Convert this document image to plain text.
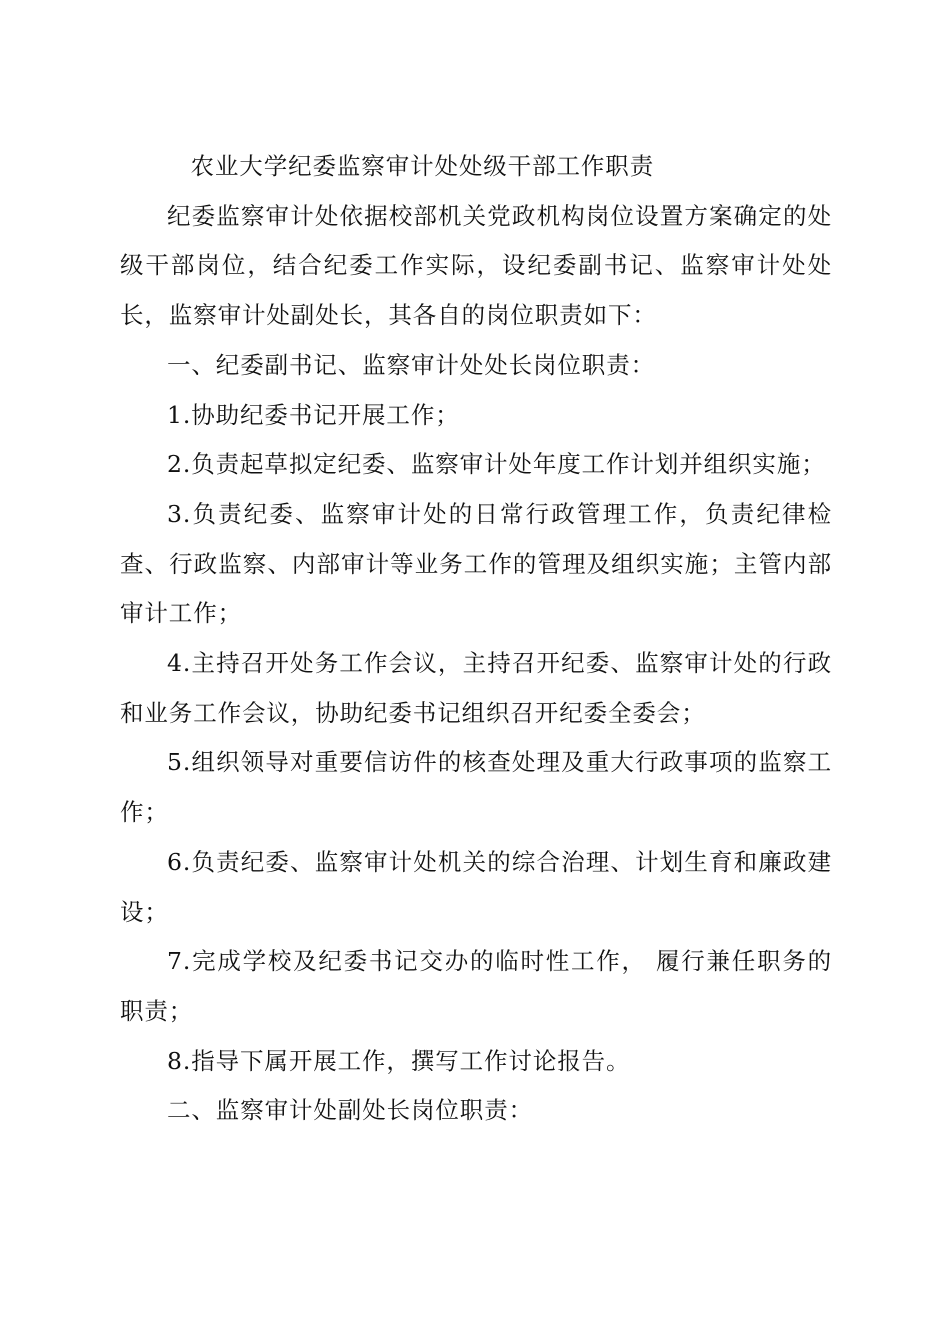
农业大学纪委监察审计处处级干部工作职责

纪委监察审计处依据校部机关党政机构岗位设置方案确定的处级干部岗位，结合纪委工作实际，设纪委副书记、监察审计处处长，监察审计处副处长，其各自的岗位职责如下：

一、纪委副书记、监察审计处处长岗位职责：

1.协助纪委书记开展工作；

2.负责起草拟定纪委、监察审计处年度工作计划并组织实施；

3.负责纪委、监察审计处的日常行政管理工作，负责纪律检查、行政监察、内部审计等业务工作的管理及组织实施；主管内部审计工作；

4.主持召开处务工作会议，主持召开纪委、监察审计处的行政和业务工作会议，协助纪委书记组织召开纪委全委会；

5.组织领导对重要信访件的核查处理及重大行政事项的监察工作；

6.负责纪委、监察审计处机关的综合治理、计划生育和廉政建设；

7.完成学校及纪委书记交办的临时性工作， 履行兼任职务的职责；

8.指导下属开展工作，撰写工作讨论报告。

二、监察审计处副处长岗位职责：
